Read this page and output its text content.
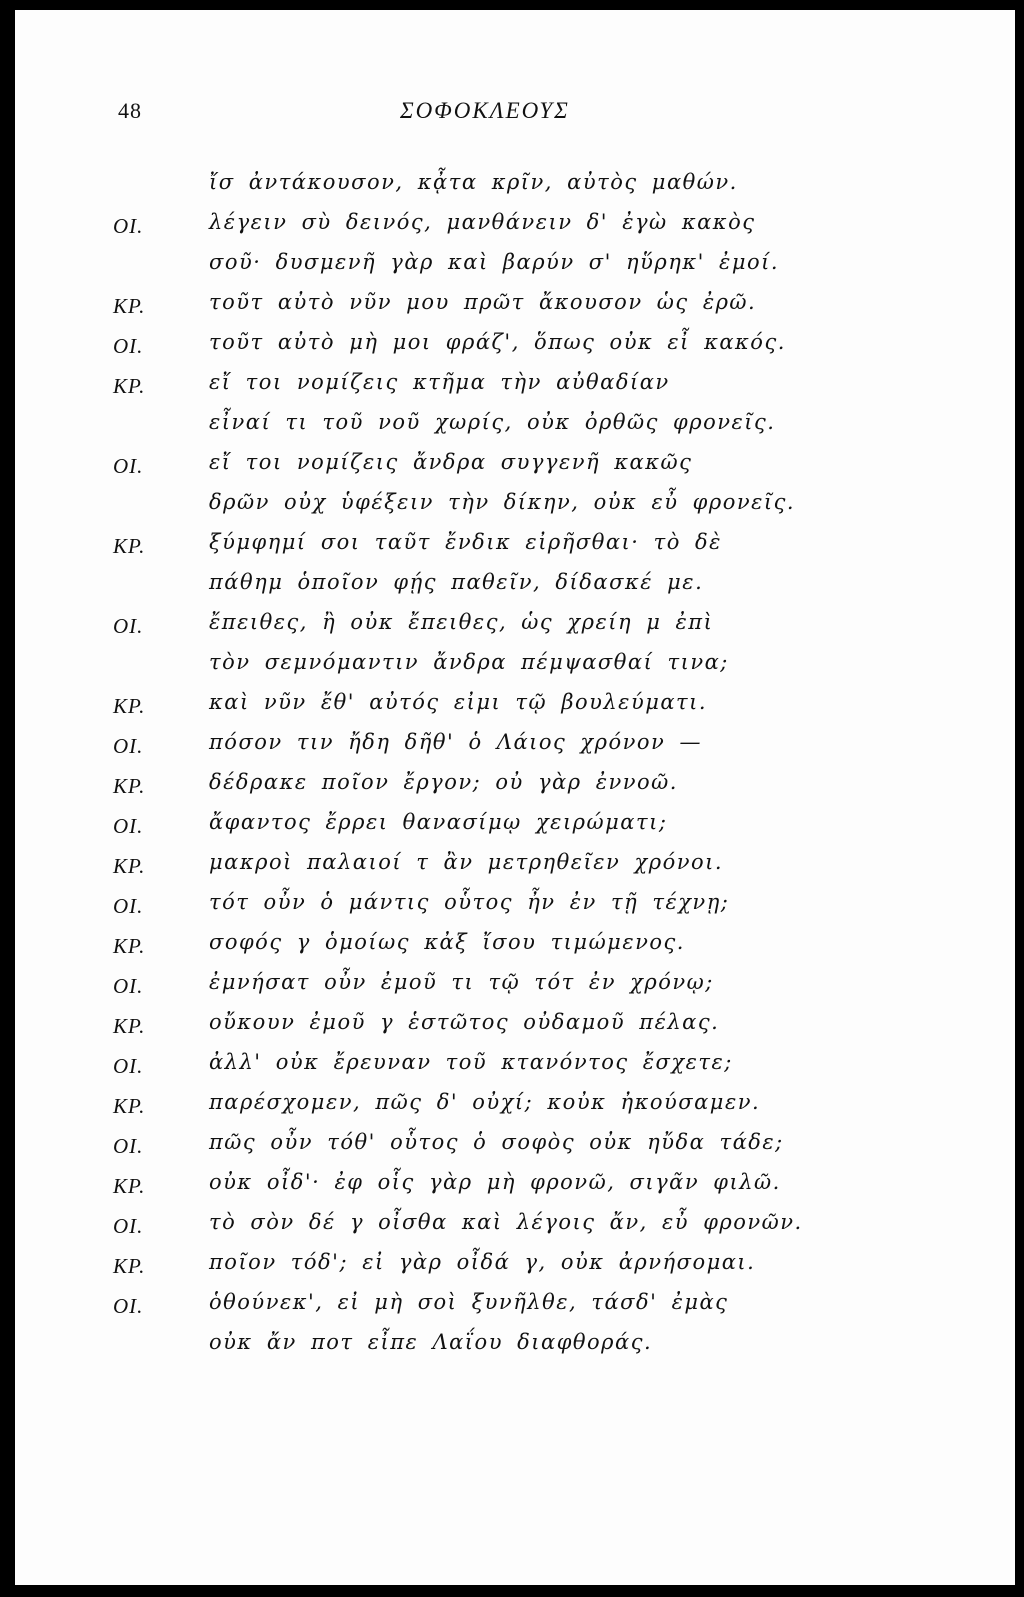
48	ΣΟΦΟΚΛΕΟΥΣ
ἴσ ἀντάκουσον, κᾆτα κρῖν, αὐτὸς μαθών.
ΟΙ.	λέγειν σὺ δεινός, μανθάνειν δ' ἐγὼ κακὸς
σοῦ· δυσμενῆ γὰρ καὶ βαρύν σ' ηὕρηκ' ἐμοί.
ΚΡ.	τοῦτ αὐτὸ νῦν μου πρῶτ ἄκουσον ὡς ἐρῶ.
ΟΙ.	τοῦτ αὐτὸ μὴ μοι φράζ', ὅπως οὐκ εἶ κακός.
ΚΡ.	εἴ τοι νομίζεις κτῆμα τὴν αὐθαδίαν
εἶναί τι τοῦ νοῦ χωρίς, οὐκ ὀρθῶς φρονεῖς.
ΟΙ.	εἴ τοι νομίζεις ἄνδρα συγγενῆ κακῶς
δρῶν οὐχ ὑφέξειν τὴν δίκην, οὐκ εὖ φρονεῖς.
ΚΡ.	ξύμφημί σοι ταῦτ ἔνδικ εἰρῆσθαι· τὸ δὲ
πάθημ ὁποῖον φῄς παθεῖν, δίδασκέ με.
ΟΙ.	ἔπειθες, ἢ οὐκ ἔπειθες, ὡς χρείη μ ἐπὶ
τὸν σεμνόμαντιν ἄνδρα πέμψασθαί τινα;
ΚΡ.	καὶ νῦν ἔθ' αὐτός εἰμι τῷ βουλεύματι.
ΟΙ.	πόσον τιν ἤδη δῆθ' ὁ Λάιος χρόνον —
ΚΡ.	δέδρακε ποῖον ἔργον; οὐ γὰρ ἐννοῶ.
ΟΙ.	ἄφαντος ἔρρει θανασίμῳ χειρώματι;
ΚΡ.	μακροὶ παλαιοί τ ἂν μετρηθεῖεν χρόνοι.
ΟΙ.	τότ οὖν ὁ μάντις οὗτος ἦν ἐν τῇ τέχνῃ;
ΚΡ.	σοφός γ ὁμοίως κἀξ ἴσου τιμώμενος.
ΟΙ.	ἐμνήσατ οὖν ἐμοῦ τι τῷ τότ ἐν χρόνῳ;
ΚΡ.	οὔκουν ἐμοῦ γ ἑστῶτος οὐδαμοῦ πέλας.
ΟΙ.	ἀλλ' οὐκ ἔρευναν τοῦ κτανόντος ἔσχετε;
ΚΡ.	παρέσχομεν, πῶς δ' οὐχί; κοὐκ ἠκούσαμεν.
ΟΙ.	πῶς οὖν τόθ' οὗτος ὁ σοφὸς οὐκ ηὔδα τάδε;
ΚΡ.	οὐκ οἶδ'· ἐφ οἷς γὰρ μὴ φρονῶ, σιγᾶν φιλῶ.
ΟΙ.	τὸ σὸν δέ γ οἶσθα καὶ λέγοις ἄν, εὖ φρονῶν.
ΚΡ.	ποῖον τόδ'; εἰ γὰρ οἶδά γ, οὐκ ἀρνήσομαι.
ΟΙ.	ὁθούνεκ', εἰ μὴ σοὶ ξυνῆλθε, τάσδ' ἐμὰς
οὐκ ἄν ποτ εἶπε Λαΐου διαφθοράς.
